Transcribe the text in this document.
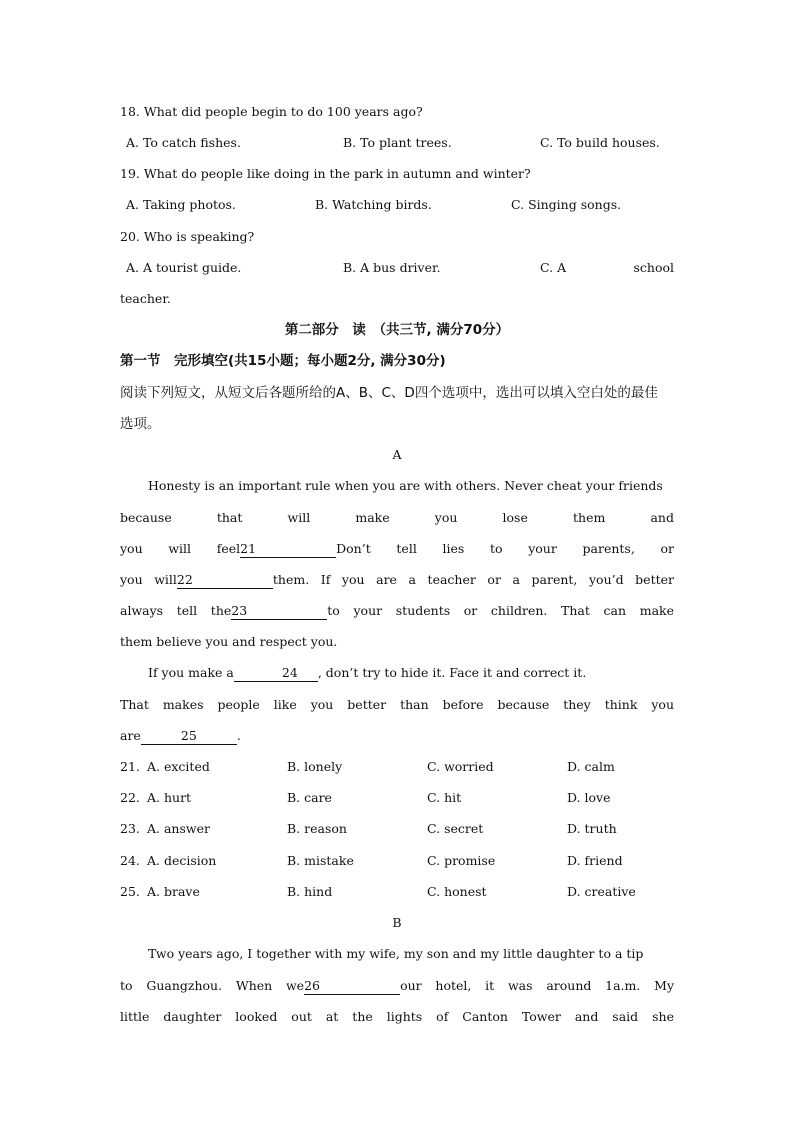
18. What did people begin to do 100 years ago?
A. To catch fishes.	B. To plant trees.	C. To build houses.
19. What do people like doing in the park in autumn and winter?
A. Taking photos.	B. Watching birds.	C. Singing songs.
20. Who is speaking?
A. A tourist guide.	B. A bus driver.	C. A	school
teacher.
第二部分　读　（共三节, 满分70分）
第一节　完形填空(共15小题；每小题2分, 满分30分)
阅读下列短文，从短文后各题所给的A、B、C、D四个选项中，选出可以填入空白处的最佳
选项。
A
Honesty is an important rule when you are with others. Never cheat your friends
because	that	will	make	you	lose	them	and
you will feel21	Don’t tell lies to your parents, or
you will22	them. If you are a teacher or a parent, you’d better
always tell the23	to your students or children. That can make
them believe you and respect you.
If you make a	24 , don’t try to hide it. Face it and correct it.
That makes people like you better than before because they think you
are	25	.
21. A. excited	B. lonely	C. worried	D. calm
22. A. hurt	B. care	C. hit	D. love
23. A. answer	B. reason	C. secret	D. truth
24. A. decision	B. mistake	C. promise	D. friend
25. A. brave	B. hind	C. honest	D. creative
B
Two years ago, I together with my wife, my son and my little daughter to a tip
to Guangzhou. When we26	our hotel, it was around 1a.m. My
little daughter looked out at the lights of Canton Tower and said she
